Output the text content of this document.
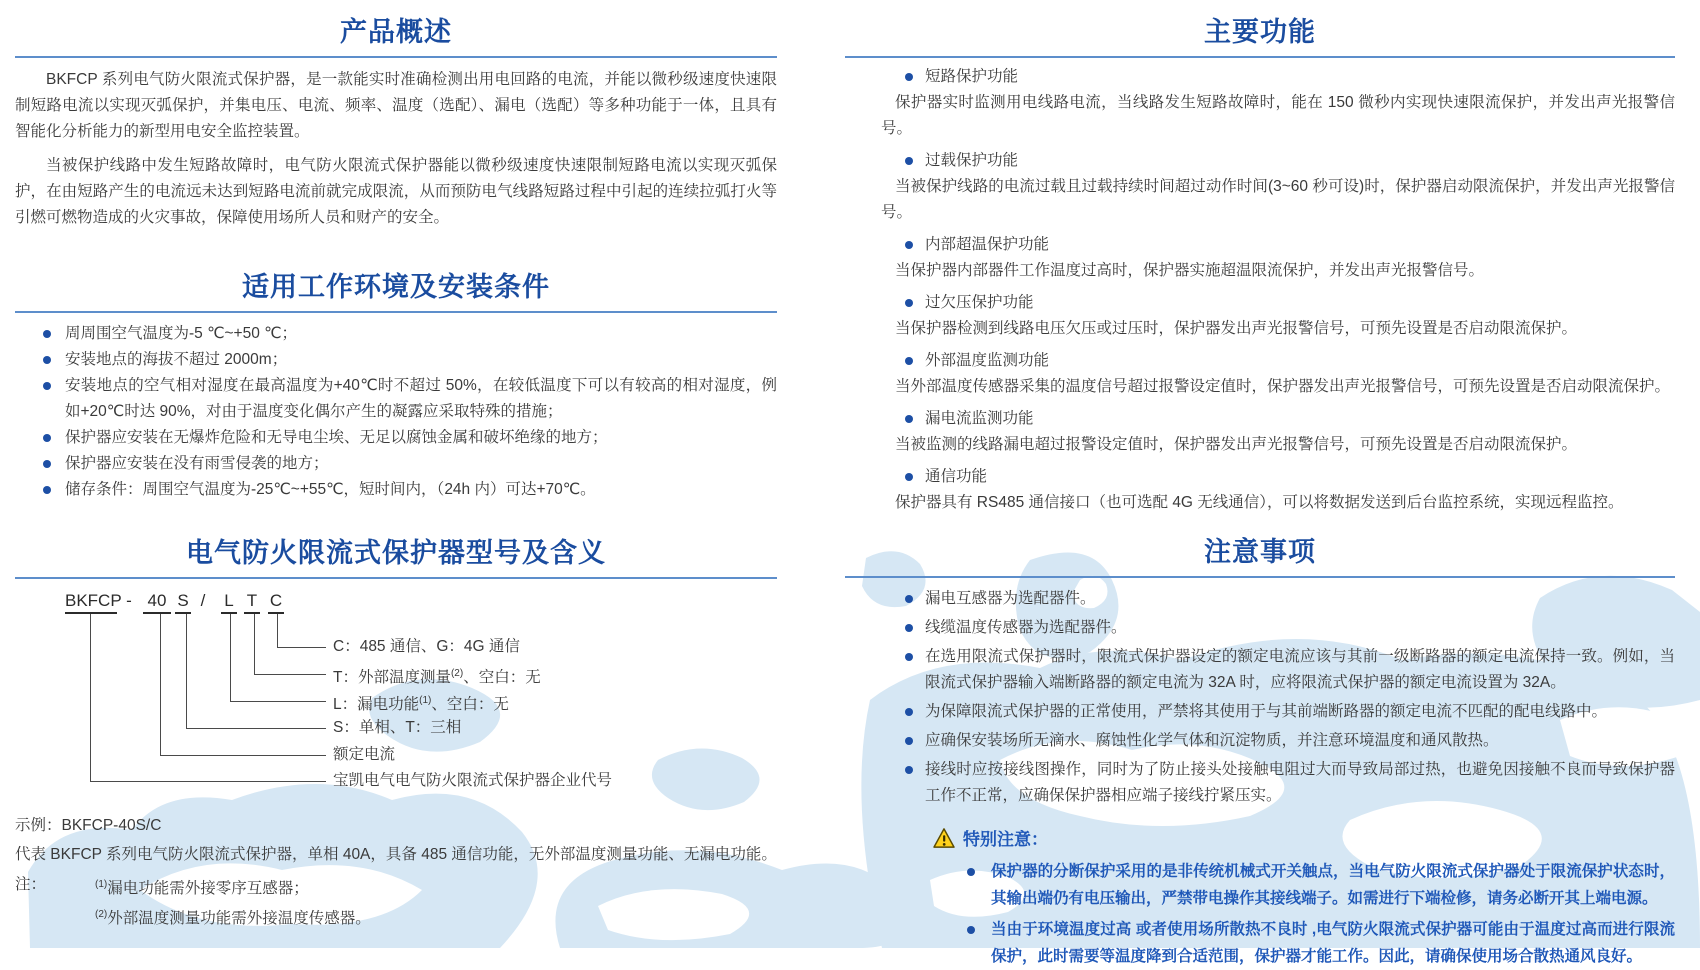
产品概述

BKFCP 系列电气防火限流式保护器，是一款能实时准确检测出用电回路的电流，并能以微秒级速度快速限制短路电流以实现灭弧保护，并集电压、电流、频率、温度（选配）、漏电（选配）等多种功能于一体，且具有智能化分析能力的新型用电安全监控装置。

当被保护线路中发生短路故障时，电气防火限流式保护器能以微秒级速度快速限制短路电流以实现灭弧保护，在由短路产生的电流远未达到短路电流前就完成限流，从而预防电气线路短路过程中引起的连续拉弧打火等引燃可燃物造成的火灾事故，保障使用场所人员和财产的安全。

适用工作环境及安装条件
周周围空气温度为-5 ℃~+50 ℃；
安装地点的海拔不超过 2000m；
安装地点的空气相对湿度在最高温度为+40℃时不超过 50%，在较低温度下可以有较高的相对湿度，例如+20℃时达 90%，对由于温度变化偶尔产生的凝露应采取特殊的措施；
保护器应安装在无爆炸危险和无导电尘埃、无足以腐蚀金属和破坏绝缘的地方；
保护器应安装在没有雨雪侵袭的地方；
储存条件：周围空气温度为-25℃~+55℃，短时间内，（24h 内）可达+70℃。
电气防火限流式保护器型号及含义
BKFCP - 40 S / L T C
C：485 通信、G：4G 通信
T：外部温度测量$^{(2)}$、空白：无
L：漏电功能$^{(1)}$、空白：无
S：单相、T：三相
额定电流
宝凯电气电气防火限流式保护器企业代号
示例：BKFCP-40S/C
代表 BKFCP 系列电气防火限流式保护器，单相 40A，具备 485 通信功能，无外部温度测量功能、无漏电功能。
注：	$^{(1)}$漏电功能需外接零序互感器；
$^{(2)}$外部温度测量功能需外接温度传感器。
主要功能
短路保护功能

保护器实时监测用电线路电流，当线路发生短路故障时，能在 150 微秒内实现快速限流保护，并发出声光报警信号。

过载保护功能

当被保护线路的电流过载且过载持续时间超过动作时间(3~60 秒可设)时，保护器启动限流保护，并发出声光报警信号。

内部超温保护功能

当保护器内部器件工作温度过高时，保护器实施超温限流保护，并发出声光报警信号。

过欠压保护功能

当保护器检测到线路电压欠压或过压时，保护器发出声光报警信号，可预先设置是否启动限流保护。

外部温度监测功能

当外部温度传感器采集的温度信号超过报警设定值时，保护器发出声光报警信号，可预先设置是否启动限流保护。

漏电流监测功能

当被监测的线路漏电超过报警设定值时，保护器发出声光报警信号，可预先设置是否启动限流保护。

通信功能

保护器具有 RS485 通信接口（也可选配 4G 无线通信），可以将数据发送到后台监控系统，实现远程监控。

注意事项
漏电互感器为选配器件。
线缆温度传感器为选配器件。
在选用限流式保护器时，限流式保护器设定的额定电流应该与其前一级断路器的额定电流保持一致。例如，当限流式保护器输入端断路器的额定电流为 32A 时，应将限流式保护器的额定电流设置为 32A。
为保障限流式保护器的正常使用，严禁将其使用于与其前端断路器的额定电流不匹配的配电线路中。
应确保安装场所无滴水、腐蚀性化学气体和沉淀物质，并注意环境温度和通风散热。
接线时应按接线图操作，同时为了防止接头处接触电阻过大而导致局部过热，也避免因接触不良而导致保护器工作不正常，应确保保护器相应端子接线拧紧压实。
特别注意：
保护器的分断保护采用的是非传统机械式开关触点，当电气防火限流式保护器处于限流保护状态时，其输出端仍有电压输出，严禁带电操作其接线端子。如需进行下端检修，请务必断开其上端电源。
当由于环境温度过高 或者使用场所散热不良时 ,电气防火限流式保护器可能由于温度过高而进行限流保护，此时需要等温度降到合适范围，保护器才能工作。因此，请确保使用场合散热通风良好。
